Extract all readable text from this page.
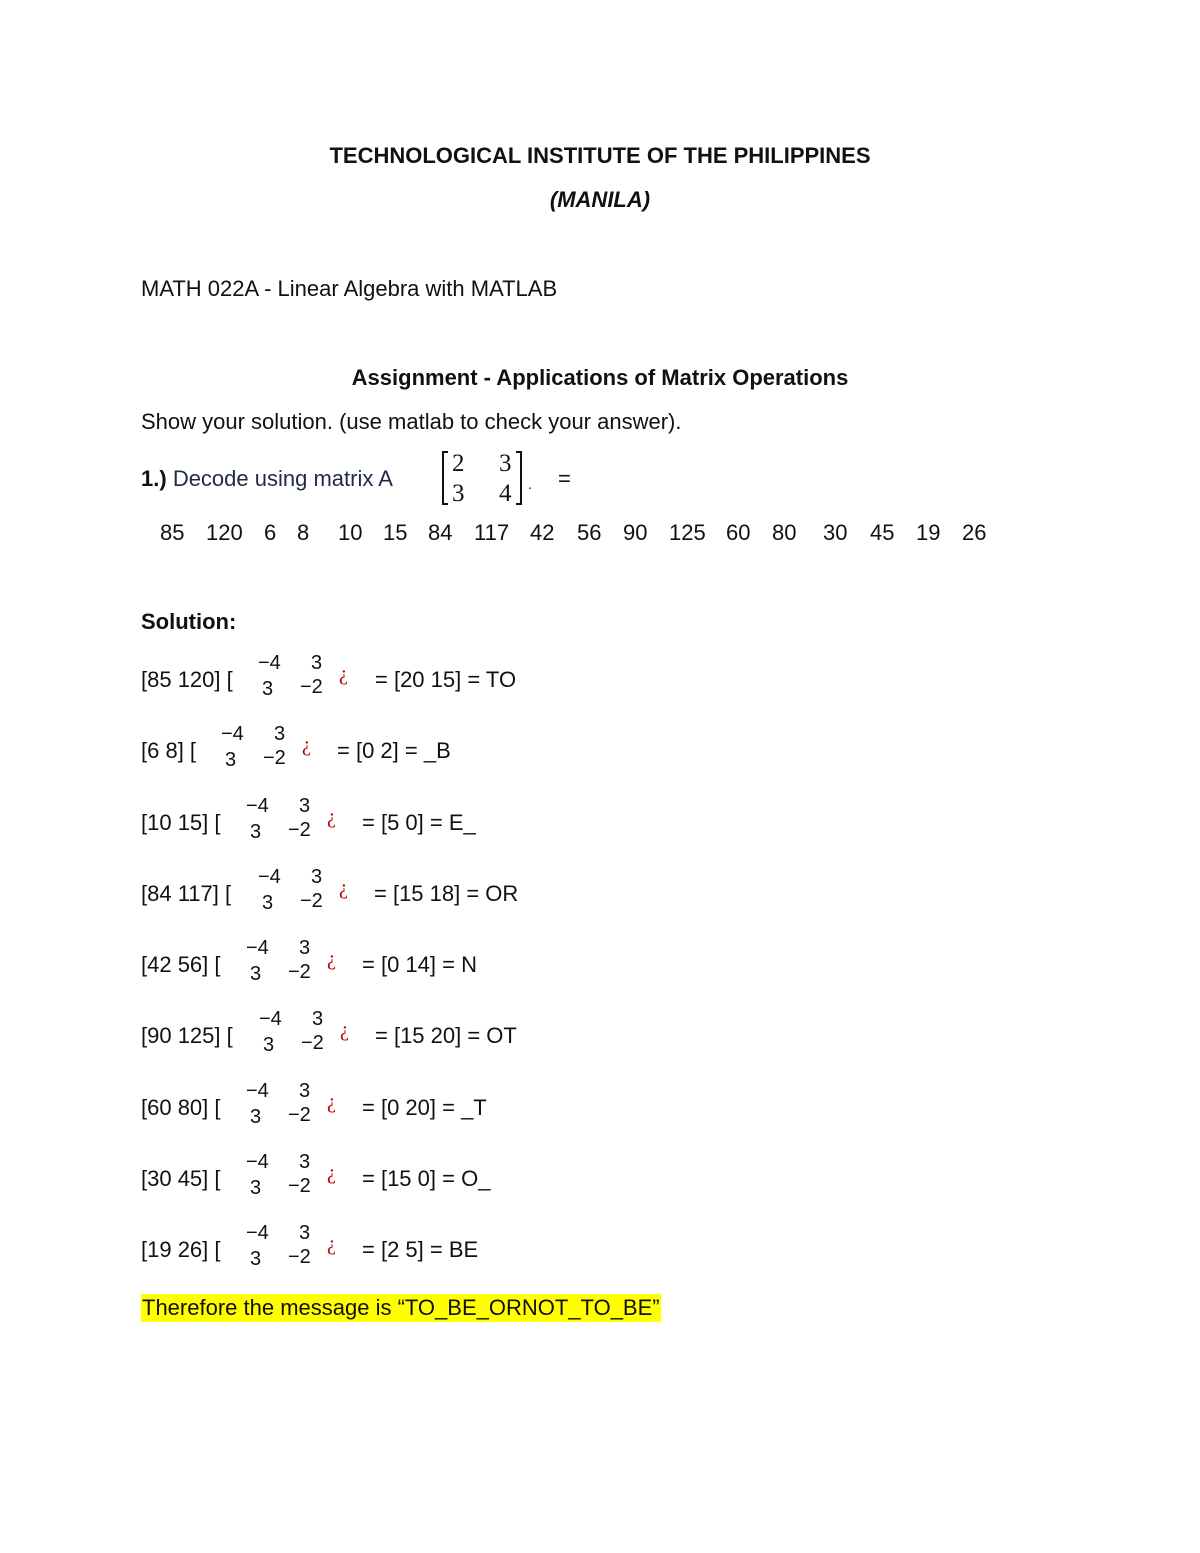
TECHNOLOGICAL INSTITUTE OF THE PHILIPPINES
(MANILA)
MATH 022A - Linear Algebra with MATLAB
Assignment - Applications of Matrix Operations
Show your solution. (use matlab to check your answer).
1.) Decode using matrix A
2 3
3 4 . =
85 120 6 8 10 15 84 117 42 56 90 125 60 80 30 45 19 26
Solution:
[85 120] [
−4 3
3 −2
¿ = [20 15] = TO
[6 8] [
−4 3
3 −2
¿ = [0 2] = _B
[10 15] [
−4 3
3 −2
¿ = [5 0] = E_
[84 117] [
−4 3
3 −2
¿ = [15 18] = OR
[42 56] [
−4 3
3 −2
¿ = [0 14] = N
[90 125] [
−4 3
3 −2
¿ = [15 20] = OT
[60 80] [
−4 3
3 −2
¿ = [0 20] = _T
[30 45] [
−4 3
3 −2
¿ = [15 0] = O_
[19 26] [
−4 3
3 −2
¿ = [2 5] = BE
Therefore the message is “TO_BE_ORNOT_TO_BE”
